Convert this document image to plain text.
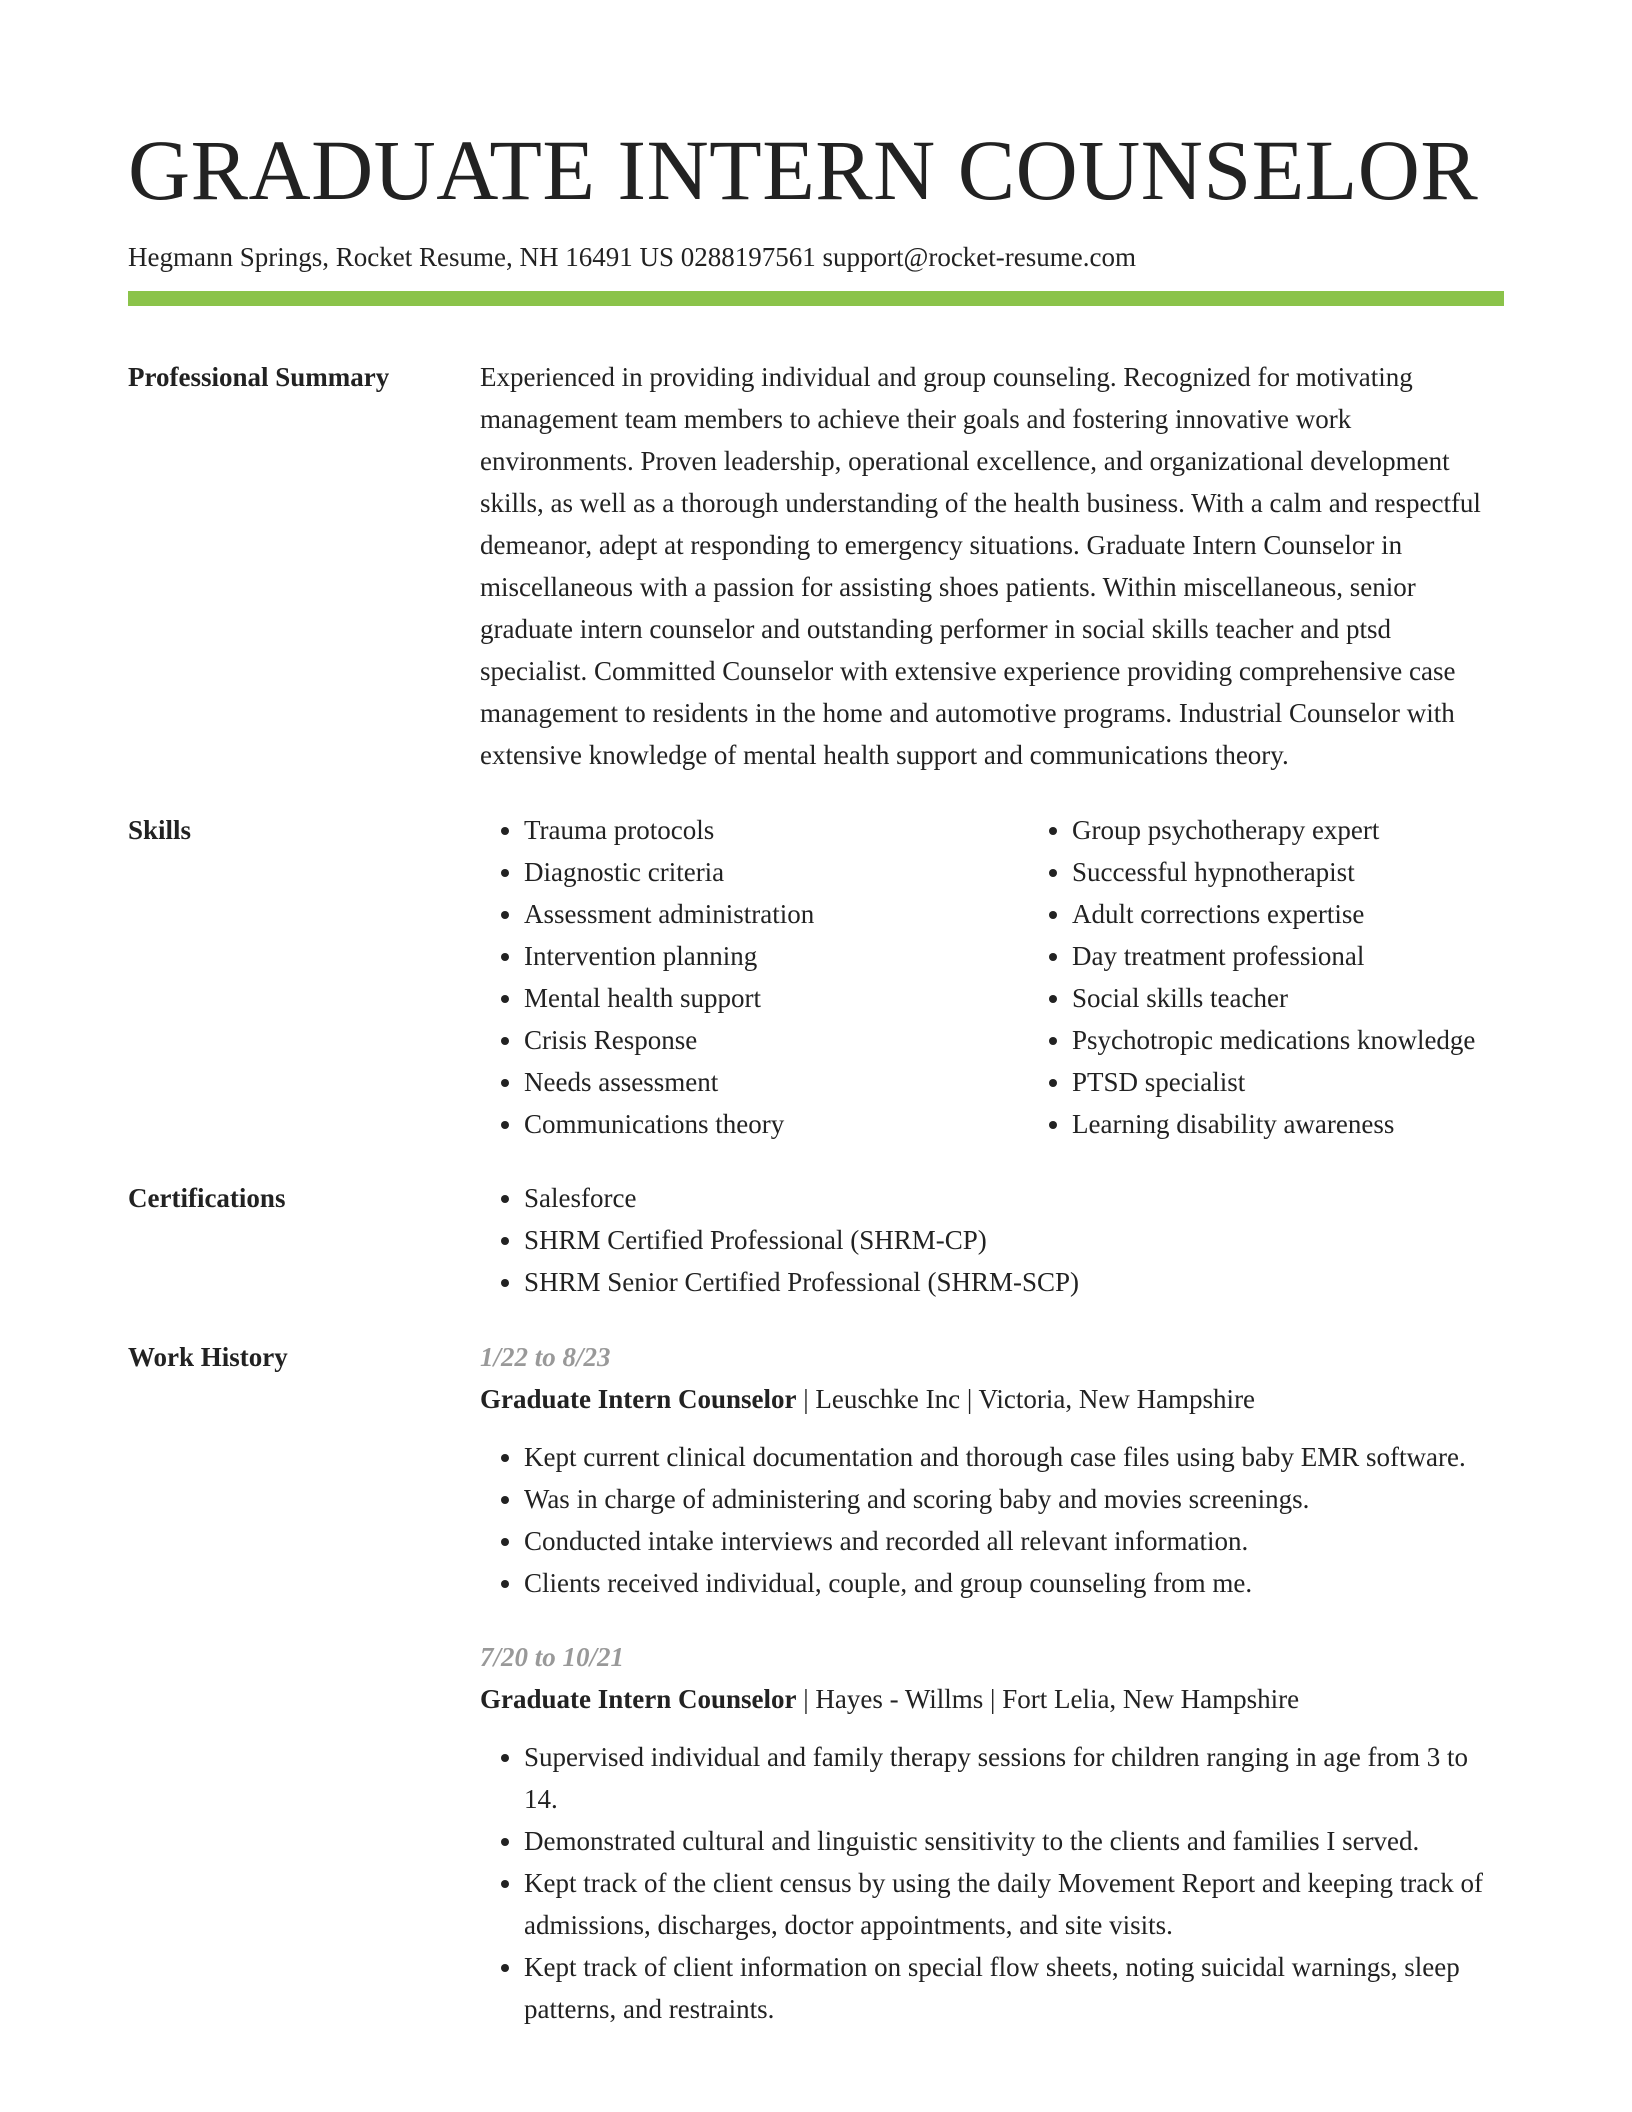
GRADUATE INTERN COUNSELOR
Hegmann Springs, Rocket Resume, NH 16491 US 0288197561 support@rocket-resume.com
Professional Summary	Experienced in providing individual and group counseling. Recognized for motivating management team members to achieve their goals and fostering innovative work environments. Proven leadership, operational excellence, and organizational development skills, as well as a thorough understanding of the health business. With a calm and respectful demeanor, adept at responding to emergency situations. Graduate Intern Counselor in miscellaneous with a passion for assisting shoes patients. Within miscellaneous, senior graduate intern counselor and outstanding performer in social skills teacher and ptsd specialist. Committed Counselor with extensive experience providing comprehensive case management to residents in the home and automotive programs. Industrial Counselor with extensive knowledge of mental health support and communications theory.

Skills	• Trauma protocols
• Diagnostic criteria
• Assessment administration
• Intervention planning
• Mental health support
• Crisis Response
• Needs assessment
• Communications theory
• Group psychotherapy expert
• Successful hypnotherapist
• Adult corrections expertise
• Day treatment professional
• Social skills teacher
• Psychotropic medications knowledge
• PTSD specialist
• Learning disability awareness
Certifications	• Salesforce
• SHRM Certified Professional (SHRM-CP)
• SHRM Senior Certified Professional (SHRM-SCP)
Work History	1/22 to 8/23
Graduate Intern Counselor | Leuschke Inc | Victoria, New Hampshire
• Kept current clinical documentation and thorough case files using baby EMR software.
• Was in charge of administering and scoring baby and movies screenings.
• Conducted intake interviews and recorded all relevant information.
• Clients received individual, couple, and group counseling from me.
7/20 to 10/21
Graduate Intern Counselor | Hayes - Willms | Fort Lelia, New Hampshire
• Supervised individual and family therapy sessions for children ranging in age from 3 to 14.
• Demonstrated cultural and linguistic sensitivity to the clients and families I served.
• Kept track of the client census by using the daily Movement Report and keeping track of admissions, discharges, doctor appointments, and site visits.
• Kept track of client information on special flow sheets, noting suicidal warnings, sleep patterns, and restraints.
